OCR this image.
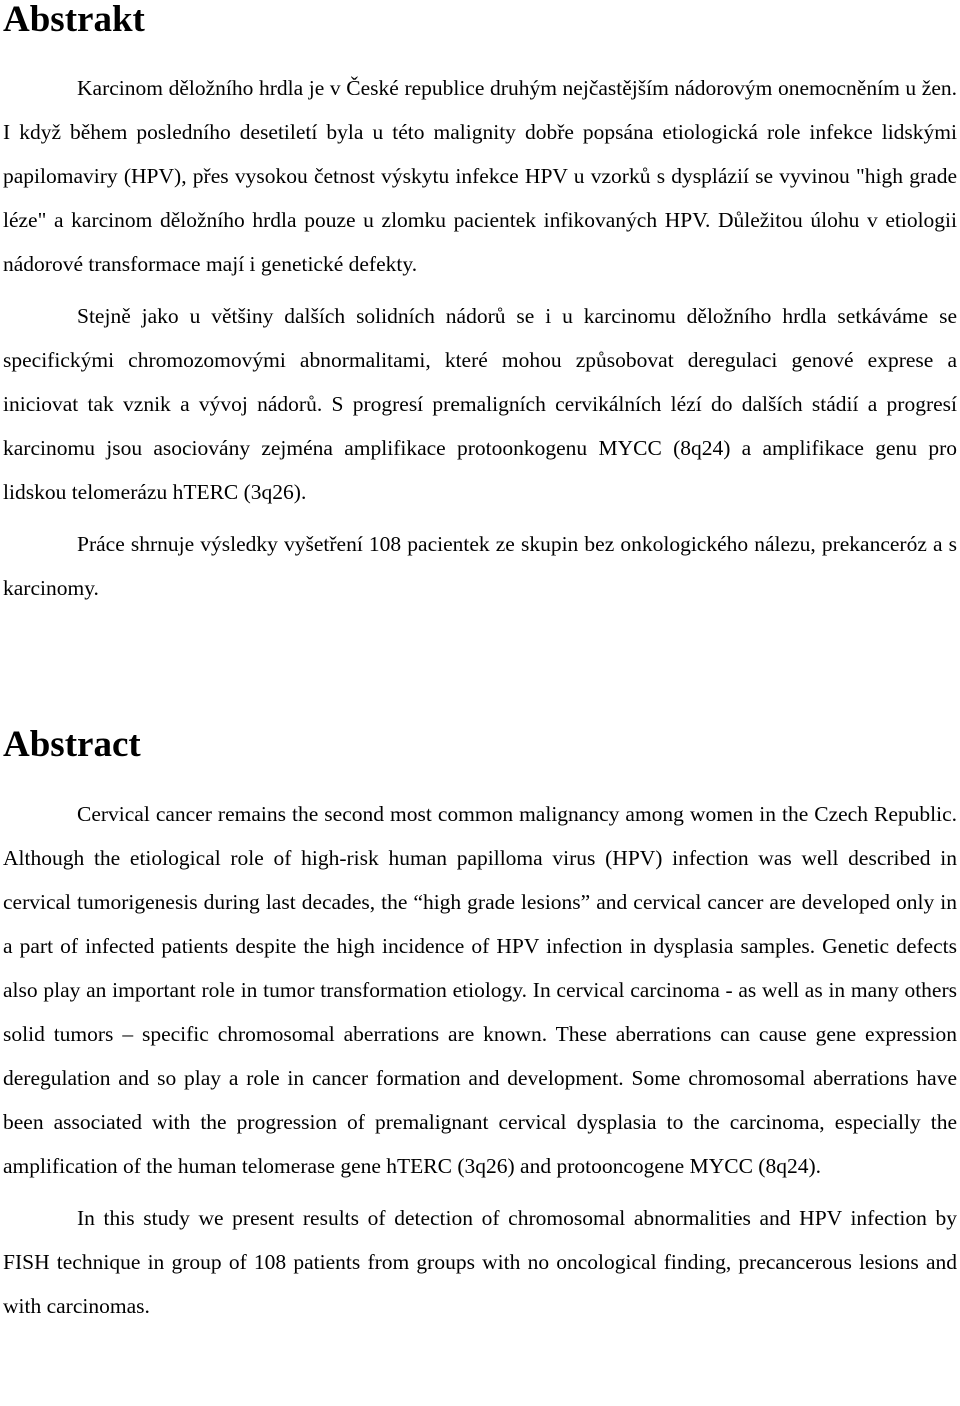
Abstrakt

Karcinom děložního hrdla je v České republice druhým nejčastějším nádorovým onemocněním u žen. I když během posledního desetiletí byla u této malignity dobře popsána etiologická role infekce lidskými papilomaviry (HPV), přes vysokou četnost výskytu infekce HPV u vzorků s dysplázií se vyvinou "high grade léze" a karcinom děložního hrdla pouze u zlomku pacientek infikovaných HPV. Důležitou úlohu v etiologii nádorové transformace mají i genetické defekty.

Stejně jako u většiny dalších solidních nádorů se i u karcinomu děložního hrdla setkáváme se specifickými chromozomovými abnormalitami, které mohou způsobovat deregulaci genové exprese a iniciovat tak vznik a vývoj nádorů. S progresí premaligních cervikálních lézí do dalších stádií a progresí karcinomu jsou asociovány zejména amplifikace protoonkogenu MYCC (8q24) a amplifikace genu pro lidskou telomerázu hTERC (3q26).

Práce shrnuje výsledky vyšetření 108 pacientek ze skupin bez onkologického nálezu, prekanceróz a s karcinomy.

Abstract

Cervical cancer remains the second most common malignancy among women in the Czech Republic. Although the etiological role of high-risk human papilloma virus (HPV) infection was well described in cervical tumorigenesis during last decades, the “high grade lesions” and cervical cancer are developed only in a part of infected patients despite the high incidence of HPV infection in dysplasia samples. Genetic defects also play an important role in tumor transformation etiology. In cervical carcinoma - as well as in many others solid tumors – specific chromosomal aberrations are known. These aberrations can cause gene expression deregulation and so play a role in cancer formation and development. Some chromosomal aberrations have been associated with the progression of premalignant cervical dysplasia to the carcinoma, especially the amplification of the human telomerase gene hTERC (3q26) and protooncogene MYCC (8q24).

In this study we present results of detection of chromosomal abnormalities and HPV infection by FISH technique in group of 108 patients from groups with no oncological finding, precancerous lesions and with carcinomas.
